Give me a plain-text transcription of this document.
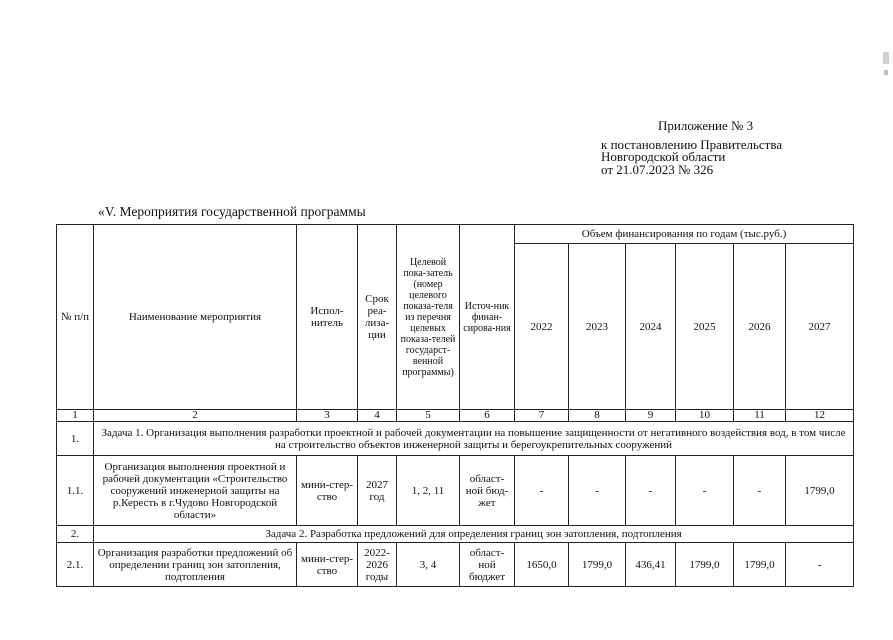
Приложение № 3
к постановлению Правительства
Новгородской области
от 21.07.2023 № 326
«V. Мероприятия государственной программы
№ п/п	Наименование мероприятия	Испол-нитель	Срок реа-лиза-ции	Целевой пока-затель (номер целевого показа-теля из перечня целевых показа-телей государст-венной программы)	Источ-ник финан-сирова-ния	Объем финансирования по годам (тыс.руб.)					
						2022	2023	2024	2025	2026	2027
1	2	3	4	5	6	7	8	9	10	11	12
1.	Задача 1. Организация выполнения разработки проектной и рабочей документации на повышение защищенности от негативного воздействия вод, в том числе на строительство объектов инженерной защиты и берегоукрепительных сооружений										
1.1.	Организация выполнения проектной и рабочей документации «Строительство сооружений инженерной защиты на р.Кересть в г.Чудово Новгородской области»	мини-стер-ство	2027 год	1, 2, 11	област-ной бюд-жет	-	-	-	-	-	1799,0
2.	Задача 2. Разработка предложений для определения границ зон затопления, подтопления										
2.1.	Организация разработки предложений об определении границ зон затопления, подтопления	мини-стер-ство	2022-2026 годы	3, 4	област-ной бюджет	1650,0	1799,0	436,41	1799,0	1799,0	-
